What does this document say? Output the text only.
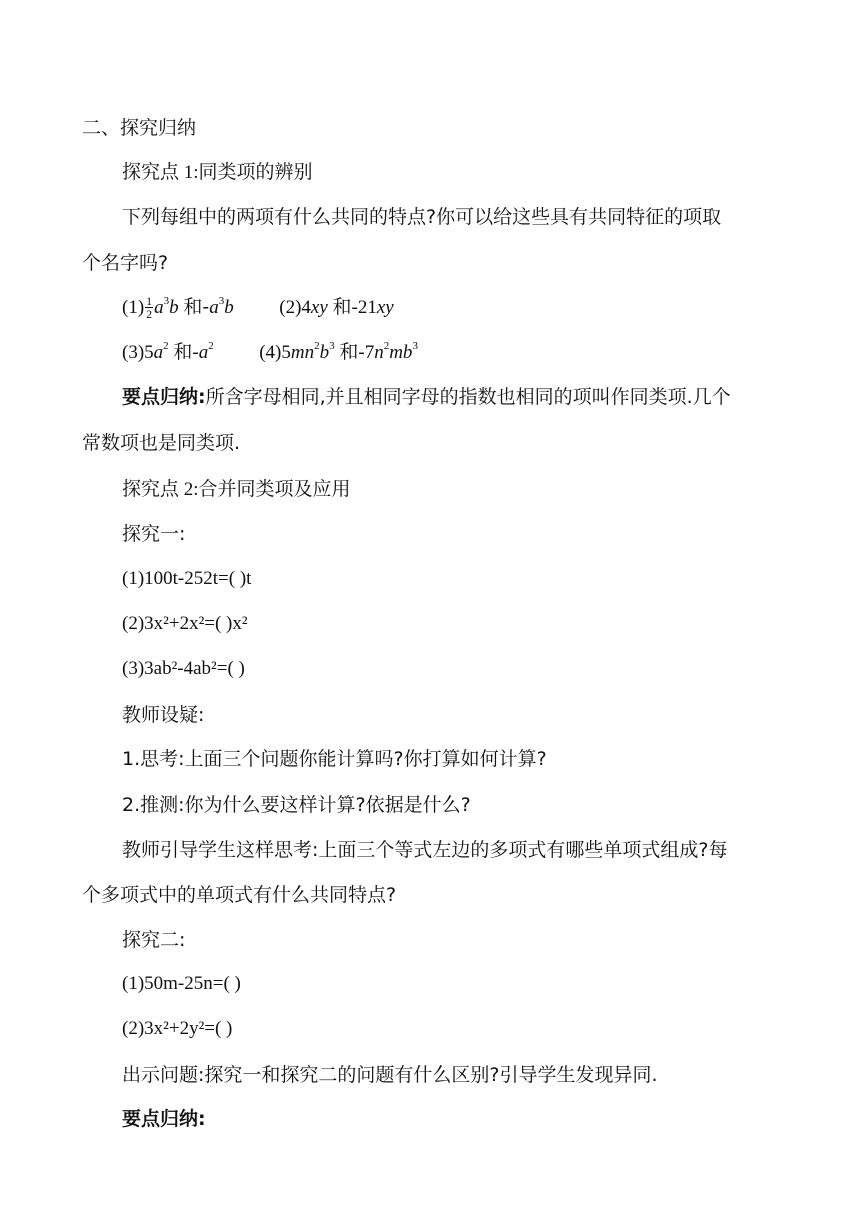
二、探究归纳
探究点 1:同类项的辨别
下列每组中的两项有什么共同的特点?你可以给这些具有共同特征的项取
个名字吗?
$(1) \frac{1}{2} a^3b$ 和$-a^3b$ (2)4xy 和-21xy
$(3)5a^2$ 和$-a^2$ $(4)5mn^2b^3$ 和$-7n^2mb^3$
要点归纳:所含字母相同,并且相同字母的指数也相同的项叫作同类项.几个
常数项也是同类项.
探究点 2:合并同类项及应用
探究一:
(1)100t-252t=( )t
(2)3x²+2x²=( )x²
(3)3ab²-4ab²=( )
教师设疑:
1.思考:上面三个问题你能计算吗?你打算如何计算?
2.推测:你为什么要这样计算?依据是什么?
教师引导学生这样思考:上面三个等式左边的多项式有哪些单项式组成?每
个多项式中的单项式有什么共同特点?
探究二:
(1)50m-25n=( )
(2)3x²+2y²=( )
出示问题:探究一和探究二的问题有什么区别?引导学生发现异同.
要点归纳:
